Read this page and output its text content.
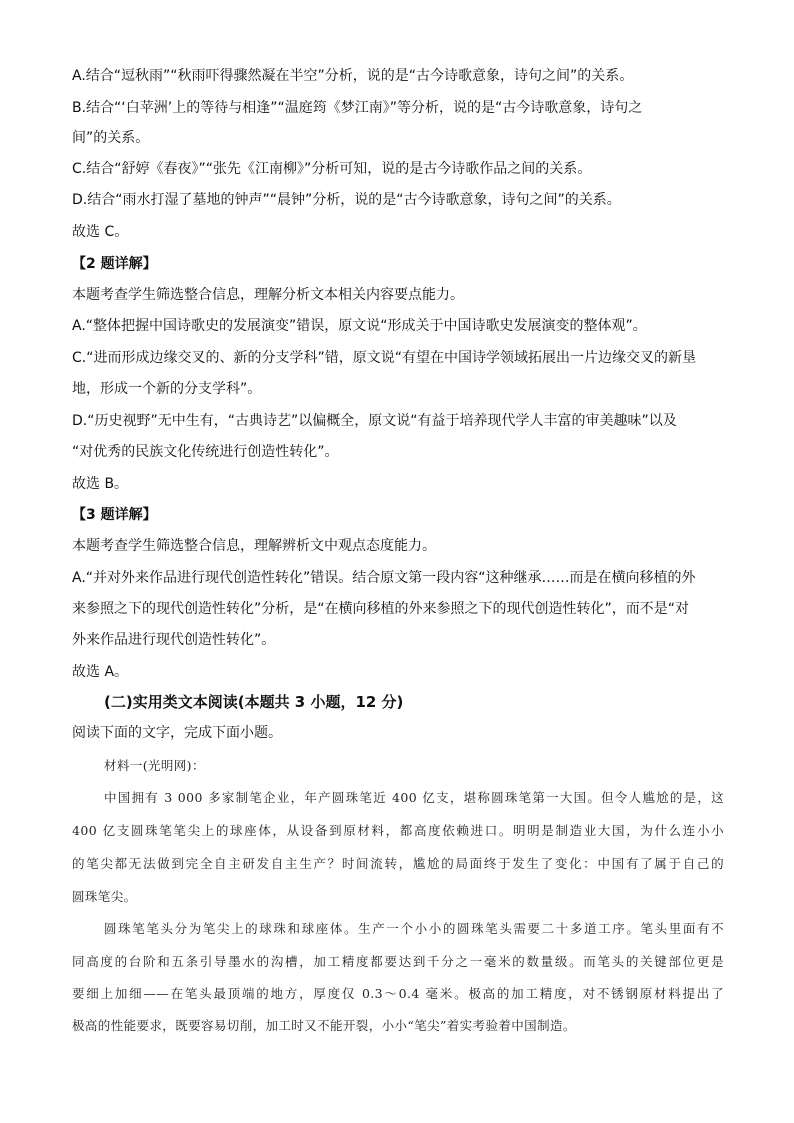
A.结合“逗秋雨”“秋雨吓得骤然凝在半空”分析，说的是“古今诗歌意象，诗句之间”的关系。
B.结合“‘白苹洲’上的等待与相逢”“温庭筠《梦江南》”等分析，说的是“古今诗歌意象，诗句之
间”的关系。
C.结合“舒婷《春夜》”“张先《江南柳》”分析可知，说的是古今诗歌作品之间的关系。
D.结合“雨水打湿了墓地的钟声”“晨钟”分析，说的是“古今诗歌意象，诗句之间”的关系。
故选 C。
【2 题详解】
本题考查学生筛选整合信息，理解分析文本相关内容要点能力。
A.“整体把握中国诗歌史的发展演变”错误，原文说“形成关于中国诗歌史发展演变的整体观”。
C.“进而形成边缘交叉的、新的分支学科”错，原文说“有望在中国诗学领域拓展出一片边缘交叉的新垦
地，形成一个新的分支学科”。
D.“历史视野”无中生有，“古典诗艺”以偏概全，原文说“有益于培养现代学人丰富的审美趣味”以及
“对优秀的民族文化传统进行创造性转化”。
故选 B。
【3 题详解】
本题考查学生筛选整合信息，理解辨析文中观点态度能力。
A.“并对外来作品进行现代创造性转化”错误。结合原文第一段内容“这种继承……而是在横向移植的外
来参照之下的现代创造性转化”分析，是“在横向移植的外来参照之下的现代创造性转化”，而不是“对
外来作品进行现代创造性转化”。
故选 A。
(二)实用类文本阅读(本题共 3 小题，12 分)
阅读下面的文字，完成下面小题。
材料一(光明网)：
中国拥有 3 000 多家制笔企业，年产圆珠笔近 400 亿支，堪称圆珠笔第一大国。但令人尴尬的是，这
400 亿支圆珠笔笔尖上的球座体，从设备到原材料，都高度依赖进口。明明是制造业大国，为什么连小小
的笔尖都无法做到完全自主研发自主生产？时间流转，尴尬的局面终于发生了变化：中国有了属于自己的
圆珠笔尖。
圆珠笔笔头分为笔尖上的球珠和球座体。生产一个小小的圆珠笔头需要二十多道工序。笔头里面有不
同高度的台阶和五条引导墨水的沟槽，加工精度都要达到千分之一毫米的数量级。而笔头的关键部位更是
要细上加细——在笔头最顶端的地方，厚度仅 0.3～0.4 毫米。极高的加工精度，对不锈钢原材料提出了
极高的性能要求，既要容易切削，加工时又不能开裂，小小“笔尖”着实考验着中国制造。
